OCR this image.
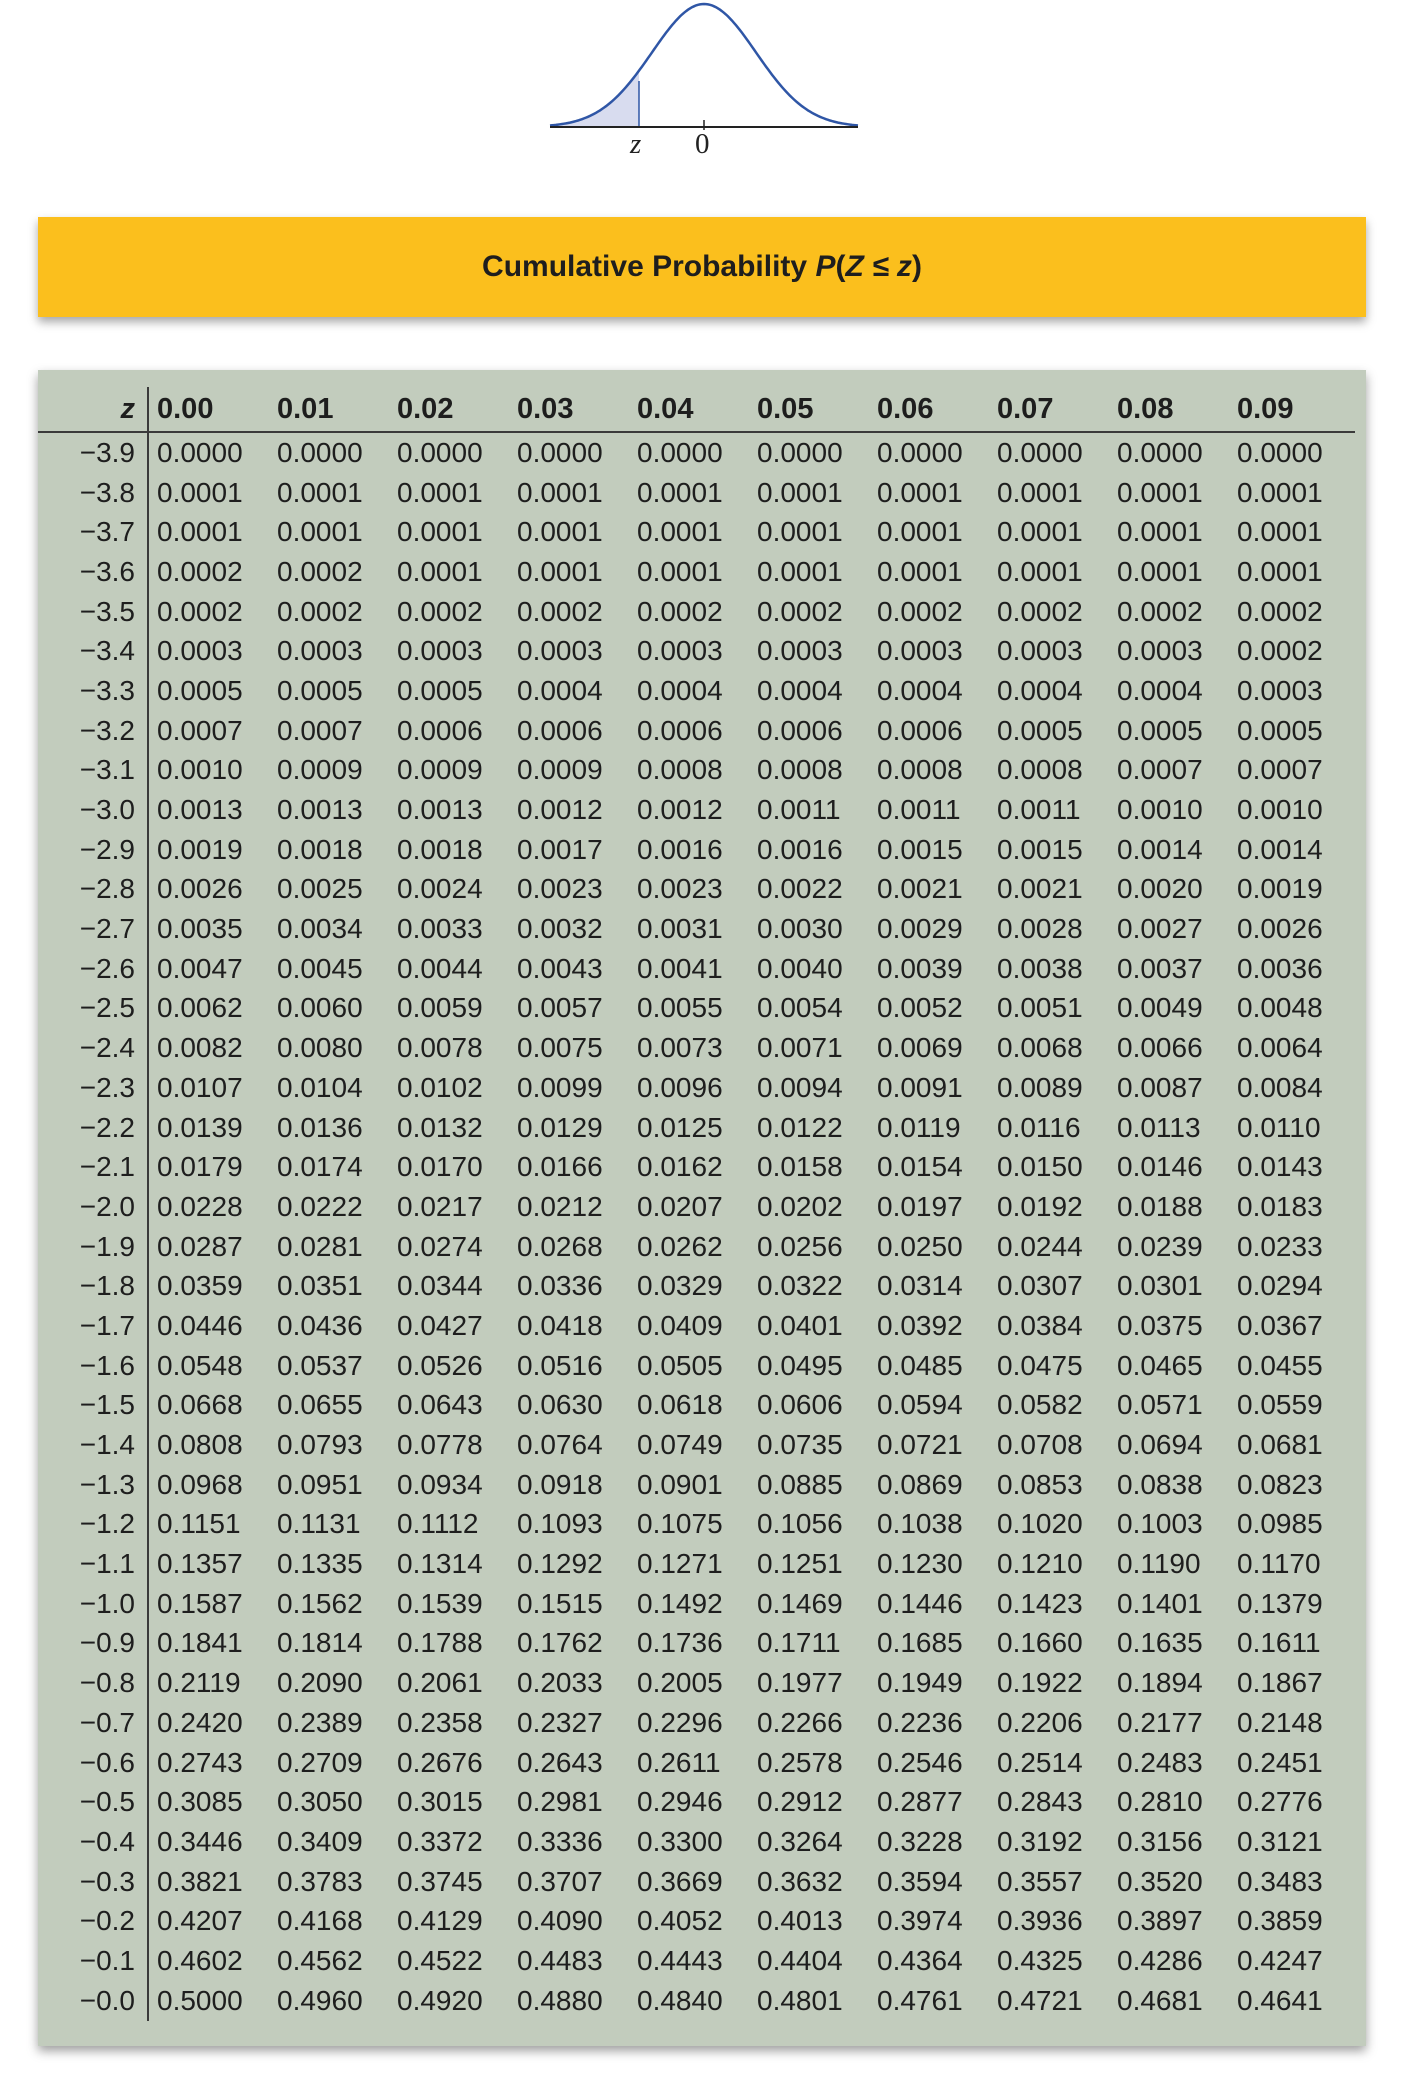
z 0
Cumulative Probability P(Z ≤ z)
z	0.00	0.01	0.02	0.03	0.04	0.05	0.06	0.07	0.08	0.09
−3.9	0.0000	0.0000	0.0000	0.0000	0.0000	0.0000	0.0000	0.0000	0.0000	0.0000
−3.8	0.0001	0.0001	0.0001	0.0001	0.0001	0.0001	0.0001	0.0001	0.0001	0.0001
−3.7	0.0001	0.0001	0.0001	0.0001	0.0001	0.0001	0.0001	0.0001	0.0001	0.0001
−3.6	0.0002	0.0002	0.0001	0.0001	0.0001	0.0001	0.0001	0.0001	0.0001	0.0001
−3.5	0.0002	0.0002	0.0002	0.0002	0.0002	0.0002	0.0002	0.0002	0.0002	0.0002
−3.4	0.0003	0.0003	0.0003	0.0003	0.0003	0.0003	0.0003	0.0003	0.0003	0.0002
−3.3	0.0005	0.0005	0.0005	0.0004	0.0004	0.0004	0.0004	0.0004	0.0004	0.0003
−3.2	0.0007	0.0007	0.0006	0.0006	0.0006	0.0006	0.0006	0.0005	0.0005	0.0005
−3.1	0.0010	0.0009	0.0009	0.0009	0.0008	0.0008	0.0008	0.0008	0.0007	0.0007
−3.0	0.0013	0.0013	0.0013	0.0012	0.0012	0.0011	0.0011	0.0011	0.0010	0.0010
−2.9	0.0019	0.0018	0.0018	0.0017	0.0016	0.0016	0.0015	0.0015	0.0014	0.0014
−2.8	0.0026	0.0025	0.0024	0.0023	0.0023	0.0022	0.0021	0.0021	0.0020	0.0019
−2.7	0.0035	0.0034	0.0033	0.0032	0.0031	0.0030	0.0029	0.0028	0.0027	0.0026
−2.6	0.0047	0.0045	0.0044	0.0043	0.0041	0.0040	0.0039	0.0038	0.0037	0.0036
−2.5	0.0062	0.0060	0.0059	0.0057	0.0055	0.0054	0.0052	0.0051	0.0049	0.0048
−2.4	0.0082	0.0080	0.0078	0.0075	0.0073	0.0071	0.0069	0.0068	0.0066	0.0064
−2.3	0.0107	0.0104	0.0102	0.0099	0.0096	0.0094	0.0091	0.0089	0.0087	0.0084
−2.2	0.0139	0.0136	0.0132	0.0129	0.0125	0.0122	0.0119	0.0116	0.0113	0.0110
−2.1	0.0179	0.0174	0.0170	0.0166	0.0162	0.0158	0.0154	0.0150	0.0146	0.0143
−2.0	0.0228	0.0222	0.0217	0.0212	0.0207	0.0202	0.0197	0.0192	0.0188	0.0183
−1.9	0.0287	0.0281	0.0274	0.0268	0.0262	0.0256	0.0250	0.0244	0.0239	0.0233
−1.8	0.0359	0.0351	0.0344	0.0336	0.0329	0.0322	0.0314	0.0307	0.0301	0.0294
−1.7	0.0446	0.0436	0.0427	0.0418	0.0409	0.0401	0.0392	0.0384	0.0375	0.0367
−1.6	0.0548	0.0537	0.0526	0.0516	0.0505	0.0495	0.0485	0.0475	0.0465	0.0455
−1.5	0.0668	0.0655	0.0643	0.0630	0.0618	0.0606	0.0594	0.0582	0.0571	0.0559
−1.4	0.0808	0.0793	0.0778	0.0764	0.0749	0.0735	0.0721	0.0708	0.0694	0.0681
−1.3	0.0968	0.0951	0.0934	0.0918	0.0901	0.0885	0.0869	0.0853	0.0838	0.0823
−1.2	0.1151	0.1131	0.1112	0.1093	0.1075	0.1056	0.1038	0.1020	0.1003	0.0985
−1.1	0.1357	0.1335	0.1314	0.1292	0.1271	0.1251	0.1230	0.1210	0.1190	0.1170
−1.0	0.1587	0.1562	0.1539	0.1515	0.1492	0.1469	0.1446	0.1423	0.1401	0.1379
−0.9	0.1841	0.1814	0.1788	0.1762	0.1736	0.1711	0.1685	0.1660	0.1635	0.1611
−0.8	0.2119	0.2090	0.2061	0.2033	0.2005	0.1977	0.1949	0.1922	0.1894	0.1867
−0.7	0.2420	0.2389	0.2358	0.2327	0.2296	0.2266	0.2236	0.2206	0.2177	0.2148
−0.6	0.2743	0.2709	0.2676	0.2643	0.2611	0.2578	0.2546	0.2514	0.2483	0.2451
−0.5	0.3085	0.3050	0.3015	0.2981	0.2946	0.2912	0.2877	0.2843	0.2810	0.2776
−0.4	0.3446	0.3409	0.3372	0.3336	0.3300	0.3264	0.3228	0.3192	0.3156	0.3121
−0.3	0.3821	0.3783	0.3745	0.3707	0.3669	0.3632	0.3594	0.3557	0.3520	0.3483
−0.2	0.4207	0.4168	0.4129	0.4090	0.4052	0.4013	0.3974	0.3936	0.3897	0.3859
−0.1	0.4602	0.4562	0.4522	0.4483	0.4443	0.4404	0.4364	0.4325	0.4286	0.4247
−0.0	0.5000	0.4960	0.4920	0.4880	0.4840	0.4801	0.4761	0.4721	0.4681	0.4641
